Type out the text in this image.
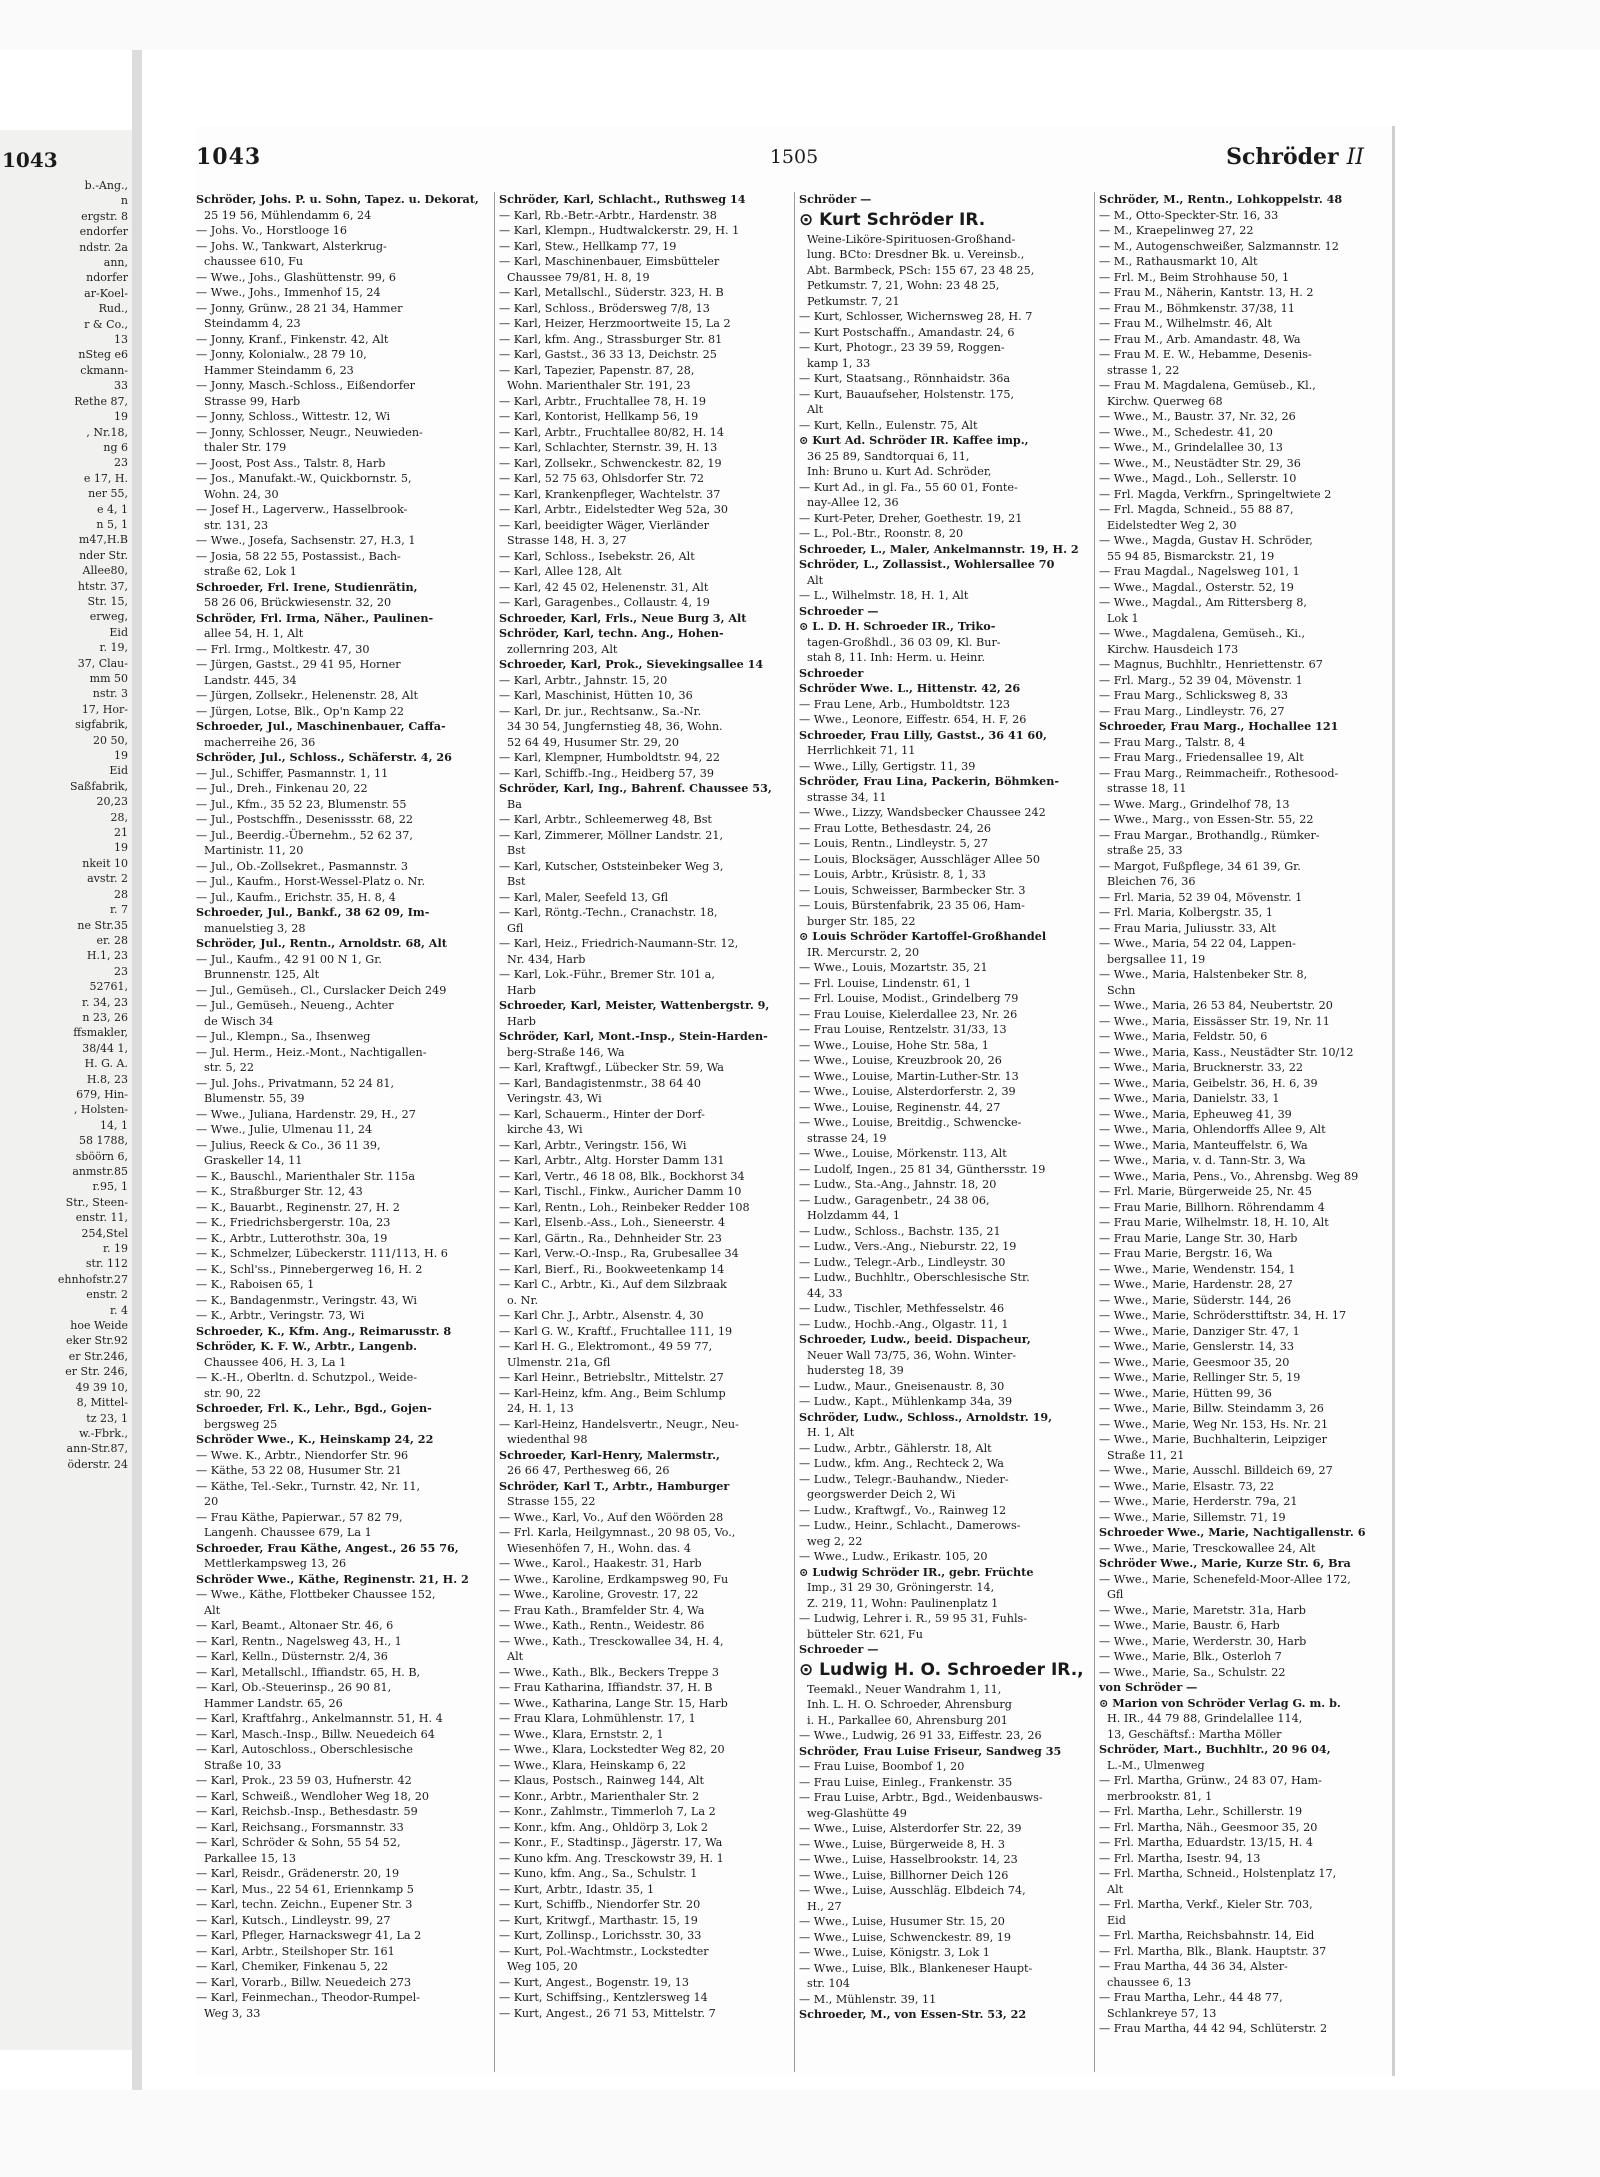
1043
b.-Ang.,
n
ergstr. 8
endorfer
ndstr. 2a
ann,
ndorfer
ar-Koel-
Rud.,
r & Co.,
13
nSteg e6
ckmann-
33
Rethe 87,
19
, Nr.18,
ng 6
23
e 17, H.
ner 55,
e 4, 1
n 5, 1
m47,H.B
nder Str.
Allee80,
htstr. 37,
Str. 15,
erweg,
Eid
r. 19,
37, Clau-
mm 50
nstr. 3
17, Hor-
sigfabrik,
20 50,
19
Eid
Saßfabrik,
20,23
28,
21
19
nkeit 10
avstr. 2
28
r. 7
ne Str.35
er. 28
H.1, 23
23
52761,
r. 34, 23
n 23, 26
ffsmakler,
38/44 1,
H. G. A.
H.8, 23
679, Hin-
, Holsten-
14, 1
58 1788,
sböörn 6,
anmstr.85
r.95, 1
Str., Steen-
enstr. 11,
254,Stel
r. 19
str. 112
ehnhofstr.27
enstr. 2
r. 4
hoe Weide
eker Str.92
er Str.246,
er Str. 246,
49 39 10,
8, Mittel-
tz 23, 1
w.-Fbrk.,
ann-Str.87,
öderstr. 24
1505
1043	Schröder II
Schröder, Johs. P. u. Sohn, Tapez. u. Dekorat,
25 19 56, Mühlendamm 6, 24
— Johs. Vo., Horstlooge 16
— Johs. W., Tankwart, Alsterkrug-
chaussee 610, Fu
— Wwe., Johs., Glashüttenstr. 99, 6
— Wwe., Johs., Immenhof 15, 24
— Jonny, Grünw., 28 21 34, Hammer
Steindamm 4, 23
— Jonny, Kranf., Finkenstr. 42, Alt
— Jonny, Kolonialw., 28 79 10,
Hammer Steindamm 6, 23
— Jonny, Masch.-Schloss., Eißendorfer
Strasse 99, Harb
— Jonny, Schloss., Wittestr. 12, Wi
— Jonny, Schlosser, Neugr., Neuwieden-
thaler Str. 179
— Joost, Post Ass., Talstr. 8, Harb
— Jos., Manufakt.-W., Quickbornstr. 5,
Wohn. 24, 30
— Josef H., Lagerverw., Hasselbrook-
str. 131, 23
— Wwe., Josefa, Sachsenstr. 27, H.3, 1
— Josia, 58 22 55, Postassist., Bach-
straße 62, Lok 1
Schroeder, Frl. Irene, Studienrätin,
58 26 06, Brückwiesenstr. 32, 20
Schröder, Frl. Irma, Näher., Paulinen-
allee 54, H. 1, Alt
— Frl. Irmg., Moltkestr. 47, 30
— Jürgen, Gastst., 29 41 95, Horner
Landstr. 445, 34
— Jürgen, Zollsekr., Helenenstr. 28, Alt
— Jürgen, Lotse, Blk., Op'n Kamp 22
Schroeder, Jul., Maschinenbauer, Caffa-
macherreihe 26, 36
Schröder, Jul., Schloss., Schäferstr. 4, 26
— Jul., Schiffer, Pasmannstr. 1, 11
— Jul., Dreh., Finkenau 20, 22
— Jul., Kfm., 35 52 23, Blumenstr. 55
— Jul., Postschffn., Desenissstr. 68, 22
— Jul., Beerdig.-Übernehm., 52 62 37,
Martinistr. 11, 20
— Jul., Ob.-Zollsekret., Pasmannstr. 3
— Jul., Kaufm., Horst-Wessel-Platz o. Nr.
— Jul., Kaufm., Erichstr. 35, H. 8, 4
Schroeder, Jul., Bankf., 38 62 09, Im-
manuelstieg 3, 28
Schröder, Jul., Rentn., Arnoldstr. 68, Alt
— Jul., Kaufm., 42 91 00 N 1, Gr.
Brunnenstr. 125, Alt
— Jul., Gemüseh., Cl., Curslacker Deich 249
— Jul., Gemüseh., Neueng., Achter
de Wisch 34
— Jul., Klempn., Sa., Ihsenweg
— Jul. Herm., Heiz.-Mont., Nachtigallen-
str. 5, 22
— Jul. Johs., Privatmann, 52 24 81,
Blumenstr. 55, 39
— Wwe., Juliana, Hardenstr. 29, H., 27
— Wwe., Julie, Ulmenau 11, 24
— Julius, Reeck & Co., 36 11 39,
Graskeller 14, 11
— K., Bauschl., Marienthaler Str. 115a
— K., Straßburger Str. 12, 43
— K., Bauarbt., Reginenstr. 27, H. 2
— K., Friedrichsbergerstr. 10a, 23
— K., Arbtr., Lutterothstr. 30a, 19
— K., Schmelzer, Lübeckerstr. 111/113, H. 6
— K., Schl'ss., Pinnebergerweg 16, H. 2
— K., Raboisen 65, 1
— K., Bandagenmstr., Veringstr. 43, Wi
— K., Arbtr., Veringstr. 73, Wi
Schroeder, K., Kfm. Ang., Reimarusstr. 8
Schröder, K. F. W., Arbtr., Langenb.
Chaussee 406, H. 3, La 1
— K.-H., Oberltn. d. Schutzpol., Weide-
str. 90, 22
Schroeder, Frl. K., Lehr., Bgd., Gojen-
bergsweg 25
Schröder Wwe., K., Heinskamp 24, 22
— Wwe. K., Arbtr., Niendorfer Str. 96
— Käthe, 53 22 08, Husumer Str. 21
— Käthe, Tel.-Sekr., Turnstr. 42, Nr. 11,
20
— Frau Käthe, Papierwar., 57 82 79,
Langenh. Chaussee 679, La 1
Schroeder, Frau Käthe, Angest., 26 55 76,
Mettlerkampsweg 13, 26
Schröder Wwe., Käthe, Reginenstr. 21, H. 2
— Wwe., Käthe, Flottbeker Chaussee 152,
Alt
— Karl, Beamt., Altonaer Str. 46, 6
— Karl, Rentn., Nagelsweg 43, H., 1
— Karl, Kelln., Düsternstr. 2/4, 36
— Karl, Metallschl., Iffiandstr. 65, H. B,
— Karl, Ob.-Steuerinsp., 26 90 81,
Hammer Landstr. 65, 26
— Karl, Kraftfahrg., Ankelmannstr. 51, H. 4
— Karl, Masch.-Insp., Billw. Neuedeich 64
— Karl, Autoschloss., Oberschlesische
Straße 10, 33
— Karl, Prok., 23 59 03, Hufnerstr. 42
— Karl, Schweiß., Wendloher Weg 18, 20
— Karl, Reichsb.-Insp., Bethesdastr. 59
— Karl, Reichsang., Forsmannstr. 33
— Karl, Schröder & Sohn, 55 54 52,
Parkallee 15, 13
— Karl, Reisdr., Grädenerstr. 20, 19
— Karl, Mus., 22 54 61, Eriennkamp 5
— Karl, techn. Zeichn., Eupener Str. 3
— Karl, Kutsch., Lindleystr. 99, 27
— Karl, Pfleger, Harnackswegr 41, La 2
— Karl, Arbtr., Steilshoper Str. 161
— Karl, Chemiker, Finkenau 5, 22
— Karl, Vorarb., Billw. Neuedeich 273
— Karl, Feinmechan., Theodor-Rumpel-
Weg 3, 33
Schröder, Karl, Schlacht., Ruthsweg 14
— Karl, Rb.-Betr.-Arbtr., Hardenstr. 38
— Karl, Klempn., Hudtwalckerstr. 29, H. 1
— Karl, Stew., Hellkamp 77, 19
— Karl, Maschinenbauer, Eimsbütteler
Chaussee 79/81, H. 8, 19
— Karl, Metallschl., Süderstr. 323, H. B
— Karl, Schloss., Brödersweg 7/8, 13
— Karl, Heizer, Herzmoortweite 15, La 2
— Karl, kfm. Ang., Strassburger Str. 81
— Karl, Gastst., 36 33 13, Deichstr. 25
— Karl, Tapezier, Papenstr. 87, 28,
Wohn. Marienthaler Str. 191, 23
— Karl, Arbtr., Fruchtallee 78, H. 19
— Karl, Kontorist, Hellkamp 56, 19
— Karl, Arbtr., Fruchtallee 80/82, H. 14
— Karl, Schlachter, Sternstr. 39, H. 13
— Karl, Zollsekr., Schwenckestr. 82, 19
— Karl, 52 75 63, Ohlsdorfer Str. 72
— Karl, Krankenpfleger, Wachtelstr. 37
— Karl, Arbtr., Eidelstedter Weg 52a, 30
— Karl, beeidigter Wäger, Vierländer
Strasse 148, H. 3, 27
— Karl, Schloss., Isebekstr. 26, Alt
— Karl, Allee 128, Alt
— Karl, 42 45 02, Helenenstr. 31, Alt
— Karl, Garagenbes., Collaustr. 4, 19
Schroeder, Karl, Frls., Neue Burg 3, Alt
Schröder, Karl, techn. Ang., Hohen-
zollernring 203, Alt
Schroeder, Karl, Prok., Sievekingsallee 14
— Karl, Arbtr., Jahnstr. 15, 20
— Karl, Maschinist, Hütten 10, 36
— Karl, Dr. jur., Rechtsanw., Sa.-Nr.
34 30 54, Jungfernstieg 48, 36, Wohn.
52 64 49, Husumer Str. 29, 20
— Karl, Klempner, Humboldtstr. 94, 22
— Karl, Schiffb.-Ing., Heidberg 57, 39
Schröder, Karl, Ing., Bahrenf. Chaussee 53,
Ba
— Karl, Arbtr., Schleemerweg 48, Bst
— Karl, Zimmerer, Möllner Landstr. 21,
Bst
— Karl, Kutscher, Oststeinbeker Weg 3,
Bst
— Karl, Maler, Seefeld 13, Gfl
— Karl, Röntg.-Techn., Cranachstr. 18,
Gfl
— Karl, Heiz., Friedrich-Naumann-Str. 12,
Nr. 434, Harb
— Karl, Lok.-Führ., Bremer Str. 101 a,
Harb
Schroeder, Karl, Meister, Wattenbergstr. 9,
Harb
Schröder, Karl, Mont.-Insp., Stein-Harden-
berg-Straße 146, Wa
— Karl, Kraftwgf., Lübecker Str. 59, Wa
— Karl, Bandagistenmstr., 38 64 40
Veringstr. 43, Wi
— Karl, Schauerm., Hinter der Dorf-
kirche 43, Wi
— Karl, Arbtr., Veringstr. 156, Wi
— Karl, Arbtr., Altg. Horster Damm 131
— Karl, Vertr., 46 18 08, Blk., Bockhorst 34
— Karl, Tischl., Finkw., Auricher Damm 10
— Karl, Rentn., Loh., Reinbeker Redder 108
— Karl, Elsenb.-Ass., Loh., Sieneerstr. 4
— Karl, Gärtn., Ra., Dehnheider Str. 23
— Karl, Verw.-O.-Insp., Ra, Grubesallee 34
— Karl, Bierf., Ri., Bookweetenkamp 14
— Karl C., Arbtr., Ki., Auf dem Silzbraak
o. Nr.
— Karl Chr. J., Arbtr., Alsenstr. 4, 30
— Karl G. W., Kraftf., Fruchtallee 111, 19
— Karl H. G., Elektromont., 49 59 77,
Ulmenstr. 21a, Gfl
— Karl Heinr., Betriebsltr., Mittelstr. 27
— Karl-Heinz, kfm. Ang., Beim Schlump
24, H. 1, 13
— Karl-Heinz, Handelsvertr., Neugr., Neu-
wiedenthal 98
Schroeder, Karl-Henry, Malermstr.,
26 66 47, Perthesweg 66, 26
Schröder, Karl T., Arbtr., Hamburger
Strasse 155, 22
— Wwe., Karl, Vo., Auf den Wöörden 28
— Frl. Karla, Heilgymnast., 20 98 05, Vo.,
Wiesenhöfen 7, H., Wohn. das. 4
— Wwe., Karol., Haakestr. 31, Harb
— Wwe., Karoline, Erdkampsweg 90, Fu
— Wwe., Karoline, Grovestr. 17, 22
— Frau Kath., Bramfelder Str. 4, Wa
— Wwe., Kath., Rentn., Weidestr. 86
— Wwe., Kath., Tresckowallee 34, H. 4,
Alt
— Wwe., Kath., Blk., Beckers Treppe 3
— Frau Katharina, Iffiandstr. 37, H. B
— Wwe., Katharina, Lange Str. 15, Harb
— Frau Klara, Lohmühlenstr. 17, 1
— Wwe., Klara, Ernststr. 2, 1
— Wwe., Klara, Lockstedter Weg 82, 20
— Wwe., Klara, Heinskamp 6, 22
— Klaus, Postsch., Rainweg 144, Alt
— Konr., Arbtr., Marienthaler Str. 2
— Konr., Zahlmstr., Timmerloh 7, La 2
— Konr., kfm. Ang., Ohldörp 3, Lok 2
— Konr., F., Stadtinsp., Jägerstr. 17, Wa
— Kuno kfm. Ang. Tresckowstr 39, H. 1
— Kuno, kfm. Ang., Sa., Schulstr. 1
— Kurt, Arbtr., Idastr. 35, 1
— Kurt, Schiffb., Niendorfer Str. 20
— Kurt, Kritwgf., Marthastr. 15, 19
— Kurt, Zollinsp., Lorichsstr. 30, 33
— Kurt, Pol.-Wachtmstr., Lockstedter
Weg 105, 20
— Kurt, Angest., Bogenstr. 19, 13
— Kurt, Schiffsing., Kentzlersweg 14
— Kurt, Angest., 26 71 53, Mittelstr. 7
Schröder —
⊙ Kurt Schröder IR.
Weine-Liköre-Spirituosen-Großhand-
lung. BCto: Dresdner Bk. u. Vereinsb.,
Abt. Barmbeck, PSch: 155 67, 23 48 25,
Petkumstr. 7, 21, Wohn: 23 48 25,
Petkumstr. 7, 21
— Kurt, Schlosser, Wichernsweg 28, H. 7
— Kurt Postschaffn., Amandastr. 24, 6
— Kurt, Photogr., 23 39 59, Roggen-
kamp 1, 33
— Kurt, Staatsang., Rönnhaidstr. 36a
— Kurt, Bauaufseher, Holstenstr. 175,
Alt
— Kurt, Kelln., Eulenstr. 75, Alt
⊙ Kurt Ad. Schröder IR. Kaffee imp.,
36 25 89, Sandtorquai 6, 11,
Inh: Bruno u. Kurt Ad. Schröder,
— Kurt Ad., in gl. Fa., 55 60 01, Fonte-
nay-Allee 12, 36
— Kurt-Peter, Dreher, Goethestr. 19, 21
— L., Pol.-Btr., Roonstr. 8, 20
Schroeder, L., Maler, Ankelmannstr. 19, H. 2
Schröder, L., Zollassist., Wohlersallee 70
Alt
— L., Wilhelmstr. 18, H. 1, Alt
Schroeder —
⊙ L. D. H. Schroeder IR., Triko-
tagen-Großhdl., 36 03 09, Kl. Bur-
stah 8, 11. Inh: Herm. u. Heinr.
Schroeder
Schröder Wwe. L., Hittenstr. 42, 26
— Frau Lene, Arb., Humboldtstr. 123
— Wwe., Leonore, Eiffestr. 654, H. F, 26
Schroeder, Frau Lilly, Gastst., 36 41 60,
Herrlichkeit 71, 11
— Wwe., Lilly, Gertigstr. 11, 39
Schröder, Frau Lina, Packerin, Böhmken-
strasse 34, 11
— Wwe., Lizzy, Wandsbecker Chaussee 242
— Frau Lotte, Bethesdastr. 24, 26
— Louis, Rentn., Lindleystr. 5, 27
— Louis, Blocksäger, Ausschläger Allee 50
— Louis, Arbtr., Krüsistr. 8, 1, 33
— Louis, Schweisser, Barmbecker Str. 3
— Louis, Bürstenfabrik, 23 35 06, Ham-
burger Str. 185, 22
⊙ Louis Schröder Kartoffel-Großhandel
IR. Mercurstr. 2, 20
— Wwe., Louis, Mozartstr. 35, 21
— Frl. Louise, Lindenstr. 61, 1
— Frl. Louise, Modist., Grindelberg 79
— Frau Louise, Kielerdallee 23, Nr. 26
— Frau Louise, Rentzelstr. 31/33, 13
— Wwe., Louise, Hohe Str. 58a, 1
— Wwe., Louise, Kreuzbrook 20, 26
— Wwe., Louise, Martin-Luther-Str. 13
— Wwe., Louise, Alsterdorferstr. 2, 39
— Wwe., Louise, Reginenstr. 44, 27
— Wwe., Louise, Breitdig., Schwencke-
strasse 24, 19
— Wwe., Louise, Mörkenstr. 113, Alt
— Ludolf, Ingen., 25 81 34, Günthersstr. 19
— Ludw., Sta.-Ang., Jahnstr. 18, 20
— Ludw., Garagenbetr., 24 38 06,
Holzdamm 44, 1
— Ludw., Schloss., Bachstr. 135, 21
— Ludw., Vers.-Ang., Nieburstr. 22, 19
— Ludw., Telegr.-Arb., Lindleystr. 30
— Ludw., Buchhltr., Oberschlesische Str.
44, 33
— Ludw., Tischler, Methfesselstr. 46
— Ludw., Hochb.-Ang., Olgastr. 11, 1
Schroeder, Ludw., beeid. Dispacheur,
Neuer Wall 73/75, 36, Wohn. Winter-
hudersteg 18, 39
— Ludw., Maur., Gneisenaustr. 8, 30
— Ludw., Kapt., Mühlenkamp 34a, 39
Schröder, Ludw., Schloss., Arnoldstr. 19,
H. 1, Alt
— Ludw., Arbtr., Gählerstr. 18, Alt
— Ludw., kfm. Ang., Rechteck 2, Wa
— Ludw., Telegr.-Bauhandw., Nieder-
georgswerder Deich 2, Wi
— Ludw., Kraftwgf., Vo., Rainweg 12
— Ludw., Heinr., Schlacht., Damerows-
weg 2, 22
— Wwe., Ludw., Erikastr. 105, 20
⊙ Ludwig Schröder IR., gebr. Früchte
Imp., 31 29 30, Gröningerstr. 14,
Z. 219, 11, Wohn: Paulinenplatz 1
— Ludwig, Lehrer i. R., 59 95 31, Fuhls-
bütteler Str. 621, Fu
Schroeder —
⊙ Ludwig H. O. Schroeder IR.,
Teemakl., Neuer Wandrahm 1, 11,
Inh. L. H. O. Schroeder, Ahrensburg
i. H., Parkallee 60, Ahrensburg 201
— Wwe., Ludwig, 26 91 33, Eiffestr. 23, 26
Schröder, Frau Luise Friseur, Sandweg 35
— Frau Luise, Boombof 1, 20
— Frau Luise, Einleg., Frankenstr. 35
— Frau Luise, Arbtr., Bgd., Weidenbausws-
weg-Glashütte 49
— Wwe., Luise, Alsterdorfer Str. 22, 39
— Wwe., Luise, Bürgerweide 8, H. 3
— Wwe., Luise, Hasselbrookstr. 14, 23
— Wwe., Luise, Billhorner Deich 126
— Wwe., Luise, Ausschläg. Elbdeich 74,
H., 27
— Wwe., Luise, Husumer Str. 15, 20
— Wwe., Luise, Schwenckestr. 89, 19
— Wwe., Luise, Königstr. 3, Lok 1
— Wwe., Luise, Blk., Blankeneser Haupt-
str. 104
— M., Mühlenstr. 39, 11
Schroeder, M., von Essen-Str. 53, 22
Schröder, M., Rentn., Lohkoppelstr. 48
— M., Otto-Speckter-Str. 16, 33
— M., Kraepelinweg 27, 22
— M., Autogenschweißer, Salzmannstr. 12
— M., Rathausmarkt 10, Alt
— Frl. M., Beim Strohhause 50, 1
— Frau M., Näherin, Kantstr. 13, H. 2
— Frau M., Böhmkenstr. 37/38, 11
— Frau M., Wilhelmstr. 46, Alt
— Frau M., Arb. Amandastr. 48, Wa
— Frau M. E. W., Hebamme, Desenis-
strasse 1, 22
— Frau M. Magdalena, Gemüseb., Kl.,
Kirchw. Querweg 68
— Wwe., M., Baustr. 37, Nr. 32, 26
— Wwe., M., Schedestr. 41, 20
— Wwe., M., Grindelallee 30, 13
— Wwe., M., Neustädter Str. 29, 36
— Wwe., Magd., Loh., Sellerstr. 10
— Frl. Magda, Verkfrn., Springeltwiete 2
— Frl. Magda, Schneid., 55 88 87,
Eidelstedter Weg 2, 30
— Wwe., Magda, Gustav H. Schröder,
55 94 85, Bismarckstr. 21, 19
— Frau Magdal., Nagelsweg 101, 1
— Wwe., Magdal., Osterstr. 52, 19
— Wwe., Magdal., Am Rittersberg 8,
Lok 1
— Wwe., Magdalena, Gemüseh., Ki.,
Kirchw. Hausdeich 173
— Magnus, Buchhltr., Henriettenstr. 67
— Frl. Marg., 52 39 04, Mövenstr. 1
— Frau Marg., Schlicksweg 8, 33
— Frau Marg., Lindleystr. 76, 27
Schroeder, Frau Marg., Hochallee 121
— Frau Marg., Talstr. 8, 4
— Frau Marg., Friedensallee 19, Alt
— Frau Marg., Reimmacheifr., Rothesood-
strasse 18, 11
— Wwe. Marg., Grindelhof 78, 13
— Wwe., Marg., von Essen-Str. 55, 22
— Frau Margar., Brothandlg., Rümker-
straße 25, 33
— Margot, Fußpflege, 34 61 39, Gr.
Bleichen 76, 36
— Frl. Maria, 52 39 04, Mövenstr. 1
— Frl. Maria, Kolbergstr. 35, 1
— Frau Maria, Juliusstr. 33, Alt
— Wwe., Maria, 54 22 04, Lappen-
bergsallee 11, 19
— Wwe., Maria, Halstenbeker Str. 8,
Schn
— Wwe., Maria, 26 53 84, Neubertstr. 20
— Wwe., Maria, Eissässer Str. 19, Nr. 11
— Wwe., Maria, Feldstr. 50, 6
— Wwe., Maria, Kass., Neustädter Str. 10/12
— Wwe., Maria, Brucknerstr. 33, 22
— Wwe., Maria, Geibelstr. 36, H. 6, 39
— Wwe., Maria, Danielstr. 33, 1
— Wwe., Maria, Epheuweg 41, 39
— Wwe., Maria, Ohlendorffs Allee 9, Alt
— Wwe., Maria, Manteuffelstr. 6, Wa
— Wwe., Maria, v. d. Tann-Str. 3, Wa
— Wwe., Maria, Pens., Vo., Ahrensbg. Weg 89
— Frl. Marie, Bürgerweide 25, Nr. 45
— Frau Marie, Billhorn. Röhrendamm 4
— Frau Marie, Wilhelmstr. 18, H. 10, Alt
— Frau Marie, Lange Str. 30, Harb
— Frau Marie, Bergstr. 16, Wa
— Wwe., Marie, Wendenstr. 154, 1
— Wwe., Marie, Hardenstr. 28, 27
— Wwe., Marie, Süderstr. 144, 26
— Wwe., Marie, Schrödersttiftstr. 34, H. 17
— Wwe., Marie, Danziger Str. 47, 1
— Wwe., Marie, Genslerstr. 14, 33
— Wwe., Marie, Geesmoor 35, 20
— Wwe., Marie, Rellinger Str. 5, 19
— Wwe., Marie, Hütten 99, 36
— Wwe., Marie, Billw. Steindamm 3, 26
— Wwe., Marie, Weg Nr. 153, Hs. Nr. 21
— Wwe., Marie, Buchhalterin, Leipziger
Straße 11, 21
— Wwe., Marie, Ausschl. Billdeich 69, 27
— Wwe., Marie, Elsastr. 73, 22
— Wwe., Marie, Herderstr. 79a, 21
— Wwe., Marie, Sillemstr. 71, 19
Schroeder Wwe., Marie, Nachtigallenstr. 6
— Wwe., Marie, Tresckowallee 24, Alt
Schröder Wwe., Marie, Kurze Str. 6, Bra
— Wwe., Marie, Schenefeld-Moor-Allee 172,
Gfl
— Wwe., Marie, Maretstr. 31a, Harb
— Wwe., Marie, Baustr. 6, Harb
— Wwe., Marie, Werderstr. 30, Harb
— Wwe., Marie, Blk., Osterloh 7
— Wwe., Marie, Sa., Schulstr. 22
von Schröder —
⊙ Marion von Schröder Verlag G. m. b.
H. IR., 44 79 88, Grindelallee 114,
13, Geschäftsf.: Martha Möller
Schröder, Mart., Buchhltr., 20 96 04,
L.-M., Ulmenweg
— Frl. Martha, Grünw., 24 83 07, Ham-
merbrookstr. 81, 1
— Frl. Martha, Lehr., Schillerstr. 19
— Frl. Martha, Näh., Geesmoor 35, 20
— Frl. Martha, Eduardstr. 13/15, H. 4
— Frl. Martha, Isestr. 94, 13
— Frl. Martha, Schneid., Holstenplatz 17,
Alt
— Frl. Martha, Verkf., Kieler Str. 703,
Eid
— Frl. Martha, Reichsbahnstr. 14, Eid
— Frl. Martha, Blk., Blank. Hauptstr. 37
— Frau Martha, 44 36 34, Alster-
chaussee 6, 13
— Frau Martha, Lehr., 44 48 77,
Schlankreye 57, 13
— Frau Martha, 44 42 94, Schlüterstr. 2
